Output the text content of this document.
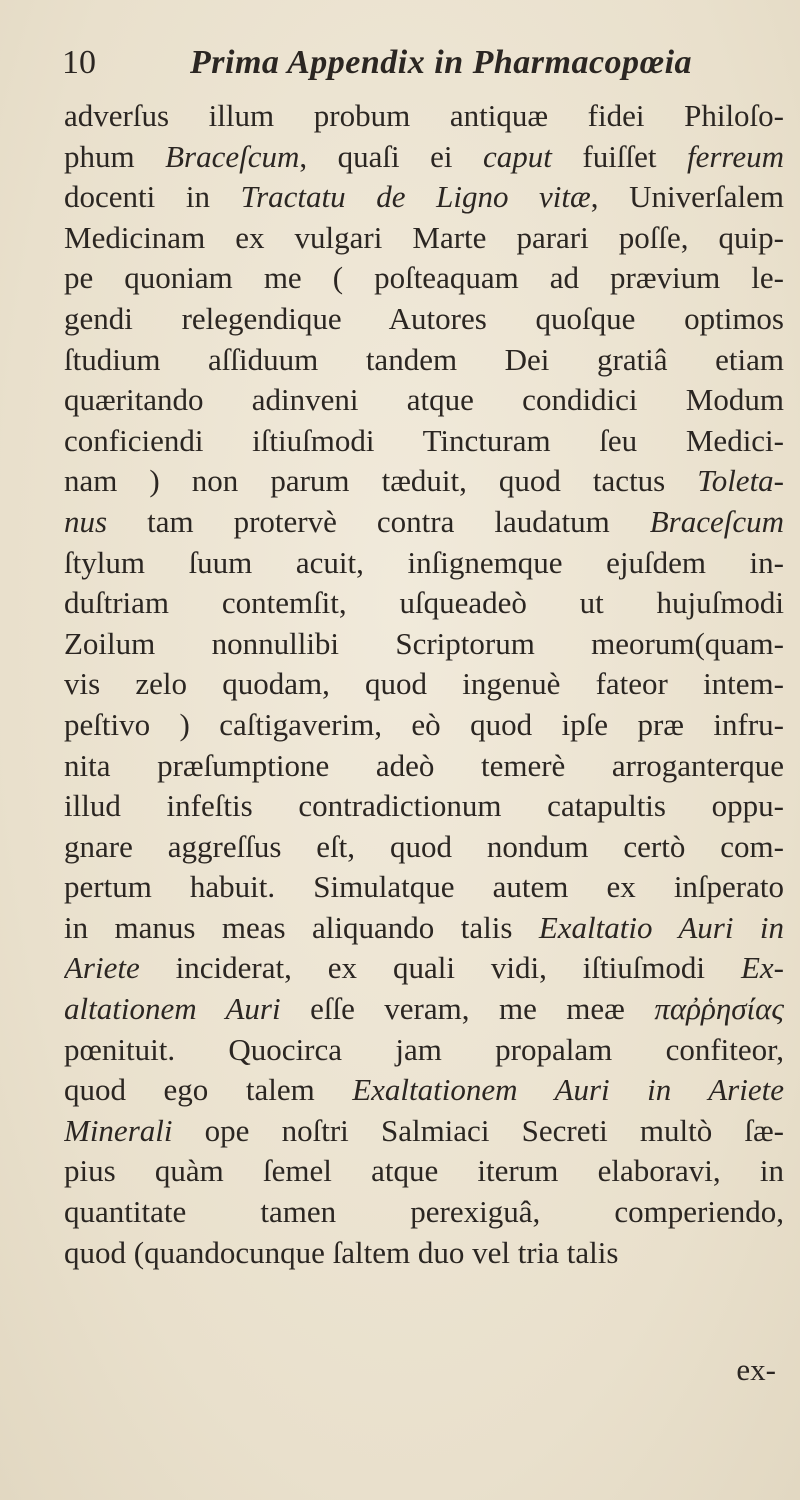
10	Prima Appendix in Pharmacopœia
adverſus illum probum antiquæ fidei Philoſo-
phum Braceſcum, quaſi ei caput fuiſſet ferreum
docenti in Tractatu de Ligno vitæ, Univerſalem
Medicinam ex vulgari Marte parari poſſe, quip-
pe quoniam me ( poſteaquam ad prævium le-
gendi relegendique Autores quoſque optimos
ſtudium aſſiduum tandem Dei gratiâ etiam
quæritando adinveni atque condidici Modum
conficiendi iſtiuſmodi Tincturam ſeu Medici-
nam ) non parum tæduit, quod tactus Toleta-
nus tam protervè contra laudatum Braceſcum
ſtylum ſuum acuit, inſignemque ejuſdem in-
duſtriam contemſit, uſqueadeò ut hujuſmodi
Zoilum nonnullibi Scriptorum meorum(quam-
vis zelo quodam, quod ingenuè fateor intem-
peſtivo ) caſtigaverim, eò quod ipſe præ infru-
nita præſumptione adeò temerè arroganterque
illud infeſtis contradictionum catapultis oppu-
gnare aggreſſus eſt, quod nondum certò com-
pertum habuit. Simulatque autem ex inſperato
in manus meas aliquando talis Exaltatio Auri in
Ariete inciderat, ex quali vidi, iſtiuſmodi Ex-
altationem Auri eſſe veram, me meæ παῤῥησίας
pœnituit. Quocirca jam propalam confiteor,
quod ego talem Exaltationem Auri in Ariete
Minerali ope noſtri Salmiaci Secreti multò ſæ-
pius quàm ſemel atque iterum elaboravi, in
quantitate tamen perexiguâ, comperiendo,
quod (quandocunque ſaltem duo vel tria talis
ex-
